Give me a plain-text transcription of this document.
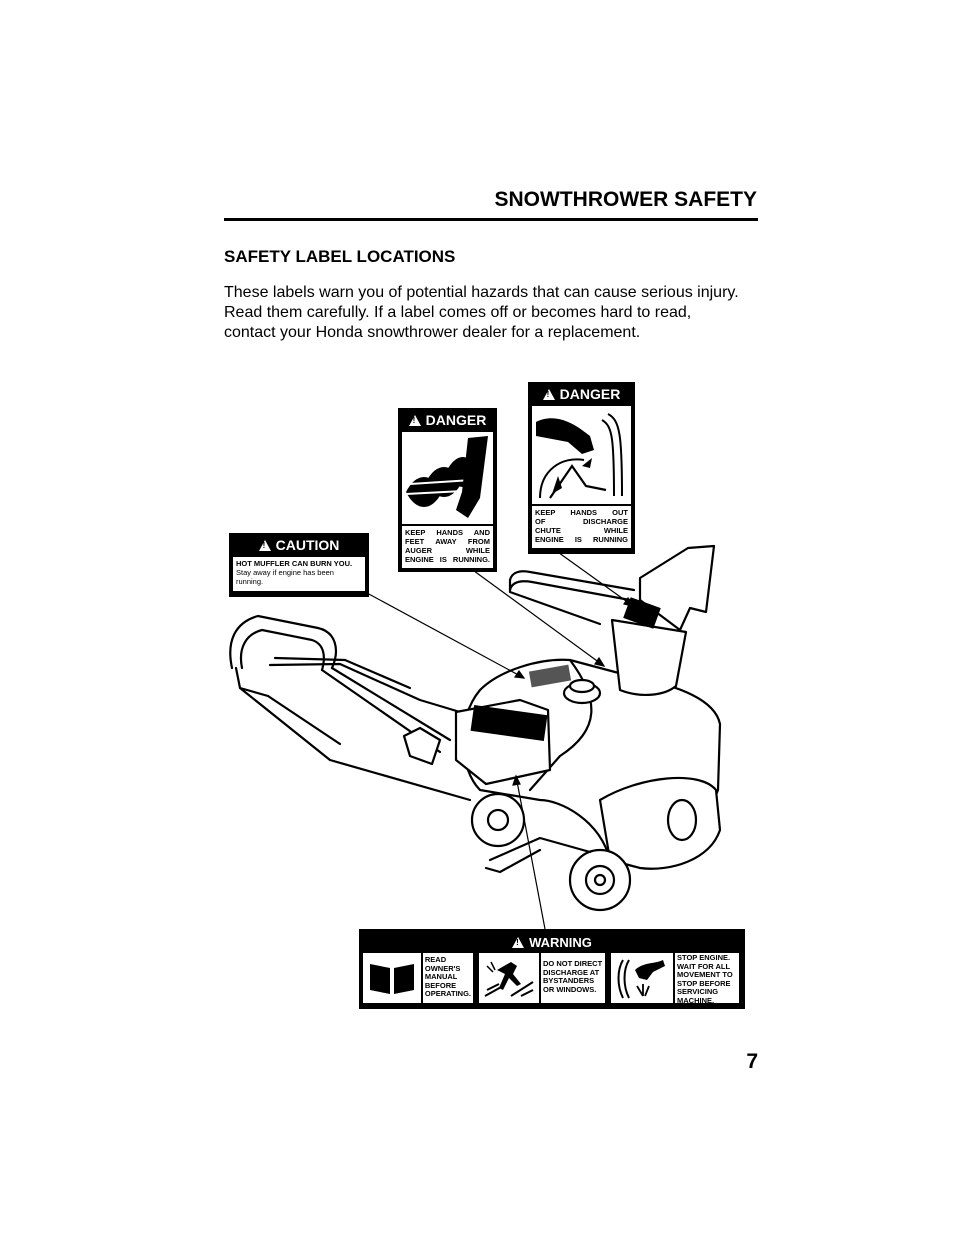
SNOWTHROWER SAFETY
SAFETY LABEL LOCATIONS
These labels warn you of potential hazards that can cause serious injury. Read them carefully. If a label comes off or becomes hard to read, contact your Honda snowthrower dealer for a replacement.
!
CAUTION
HOT MUFFLER CAN BURN YOU.
Stay away if engine has been
running.
!
DANGER
KEEP HANDS AND
FEET AWAY FROM
AUGER WHILE
ENGINE IS RUNNING.
!
DANGER
KEEP HANDS OUT
OF DISCHARGE
CHUTE WHILE
ENGINE IS RUNNING
!
WARNING
READ
OWNER'S
MANUAL
BEFORE
OPERATING.
DO NOT DIRECT
DISCHARGE AT
BYSTANDERS
OR WINDOWS.
STOP ENGINE.
WAIT FOR ALL
MOVEMENT TO
STOP BEFORE
SERVICING
MACHINE.
7
